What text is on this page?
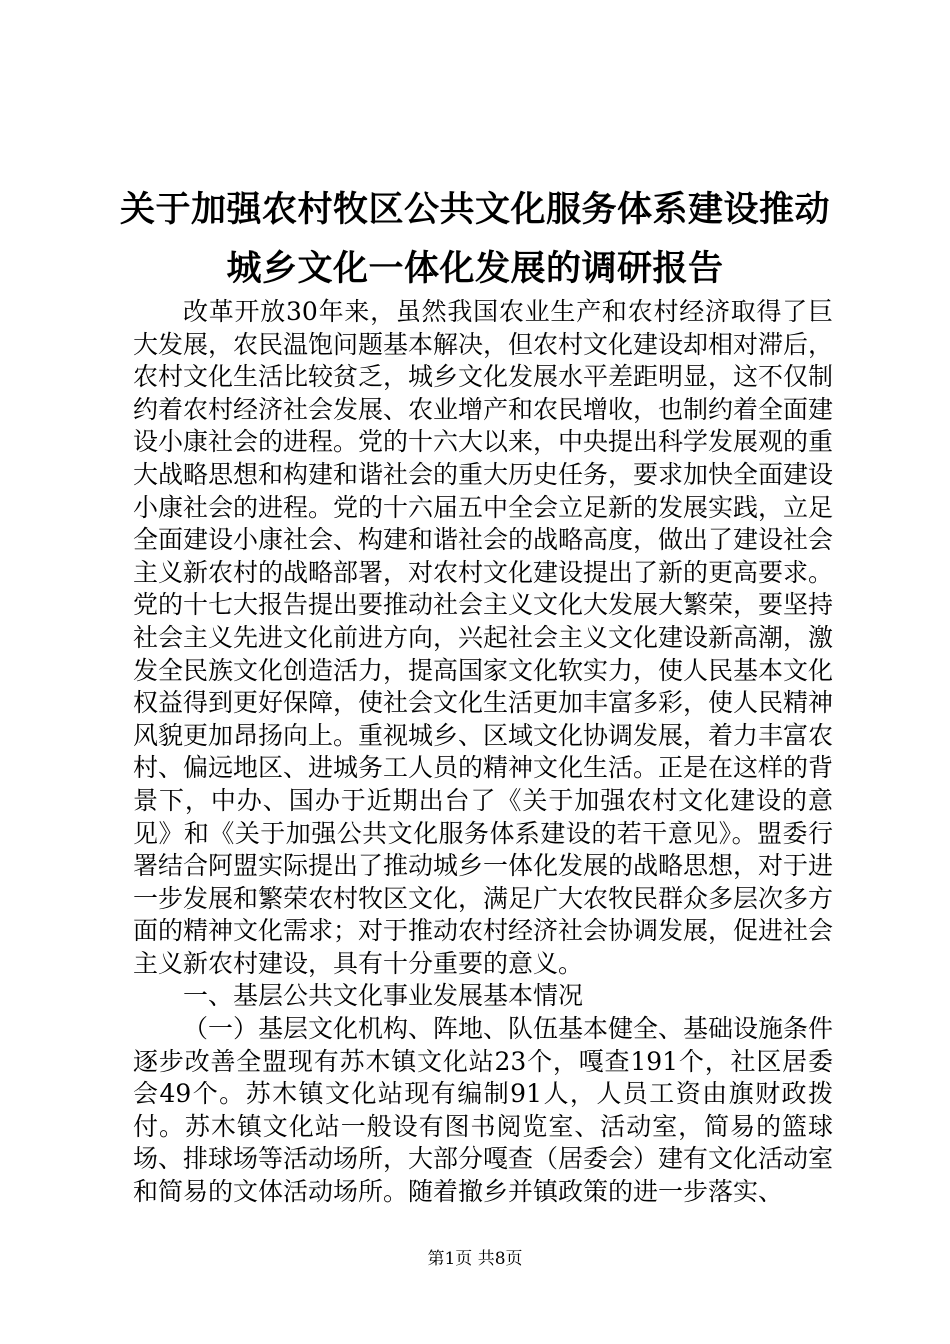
关于加强农村牧区公共文化服务体系建设推动
城乡文化一体化发展的调研报告

改革开放30年来，虽然我国农业生产和农村经济取得了巨大发展，农民温饱问题基本解决，但农村文化建设却相对滞后，农村文化生活比较贫乏，城乡文化发展水平差距明显，这不仅制约着农村经济社会发展、农业增产和农民增收，也制约着全面建设小康社会的进程。党的十六大以来，中央提出科学发展观的重大战略思想和构建和谐社会的重大历史任务，要求加快全面建设小康社会的进程。党的十六届五中全会立足新的发展实践，立足全面建设小康社会、构建和谐社会的战略高度，做出了建设社会主义新农村的战略部署，对农村文化建设提出了新的更高要求。党的十七大报告提出要推动社会主义文化大发展大繁荣，要坚持社会主义先进文化前进方向，兴起社会主义文化建设新高潮，激发全民族文化创造活力，提高国家文化软实力，使人民基本文化权益得到更好保障，使社会文化生活更加丰富多彩，使人民精神风貌更加昂扬向上。重视城乡、区域文化协调发展，着力丰富农村、偏远地区、进城务工人员的精神文化生活。正是在这样的背景下，中办、国办于近期出台了《关于加强农村文化建设的意见》和《关于加强公共文化服务体系建设的若干意见》。盟委行署结合阿盟实际提出了推动城乡一体化发展的战略思想，对于进一步发展和繁荣农村牧区文化，满足广大农牧民群众多层次多方面的精神文化需求；对于推动农村经济社会协调发展，促进社会主义新农村建设，具有十分重要的意义。

一、基层公共文化事业发展基本情况

（一）基层文化机构、阵地、队伍基本健全、基础设施条件逐步改善全盟现有苏木镇文化站23个，嘎查191个，社区居委会49个。苏木镇文化站现有编制91人，人员工资由旗财政拨付。苏木镇文化站一般设有图书阅览室、活动室，简易的篮球场、排球场等活动场所，大部分嘎查（居委会）建有文化活动室和简易的文体活动场所。随着撤乡并镇政策的进一步落实、

第1页 共8页
